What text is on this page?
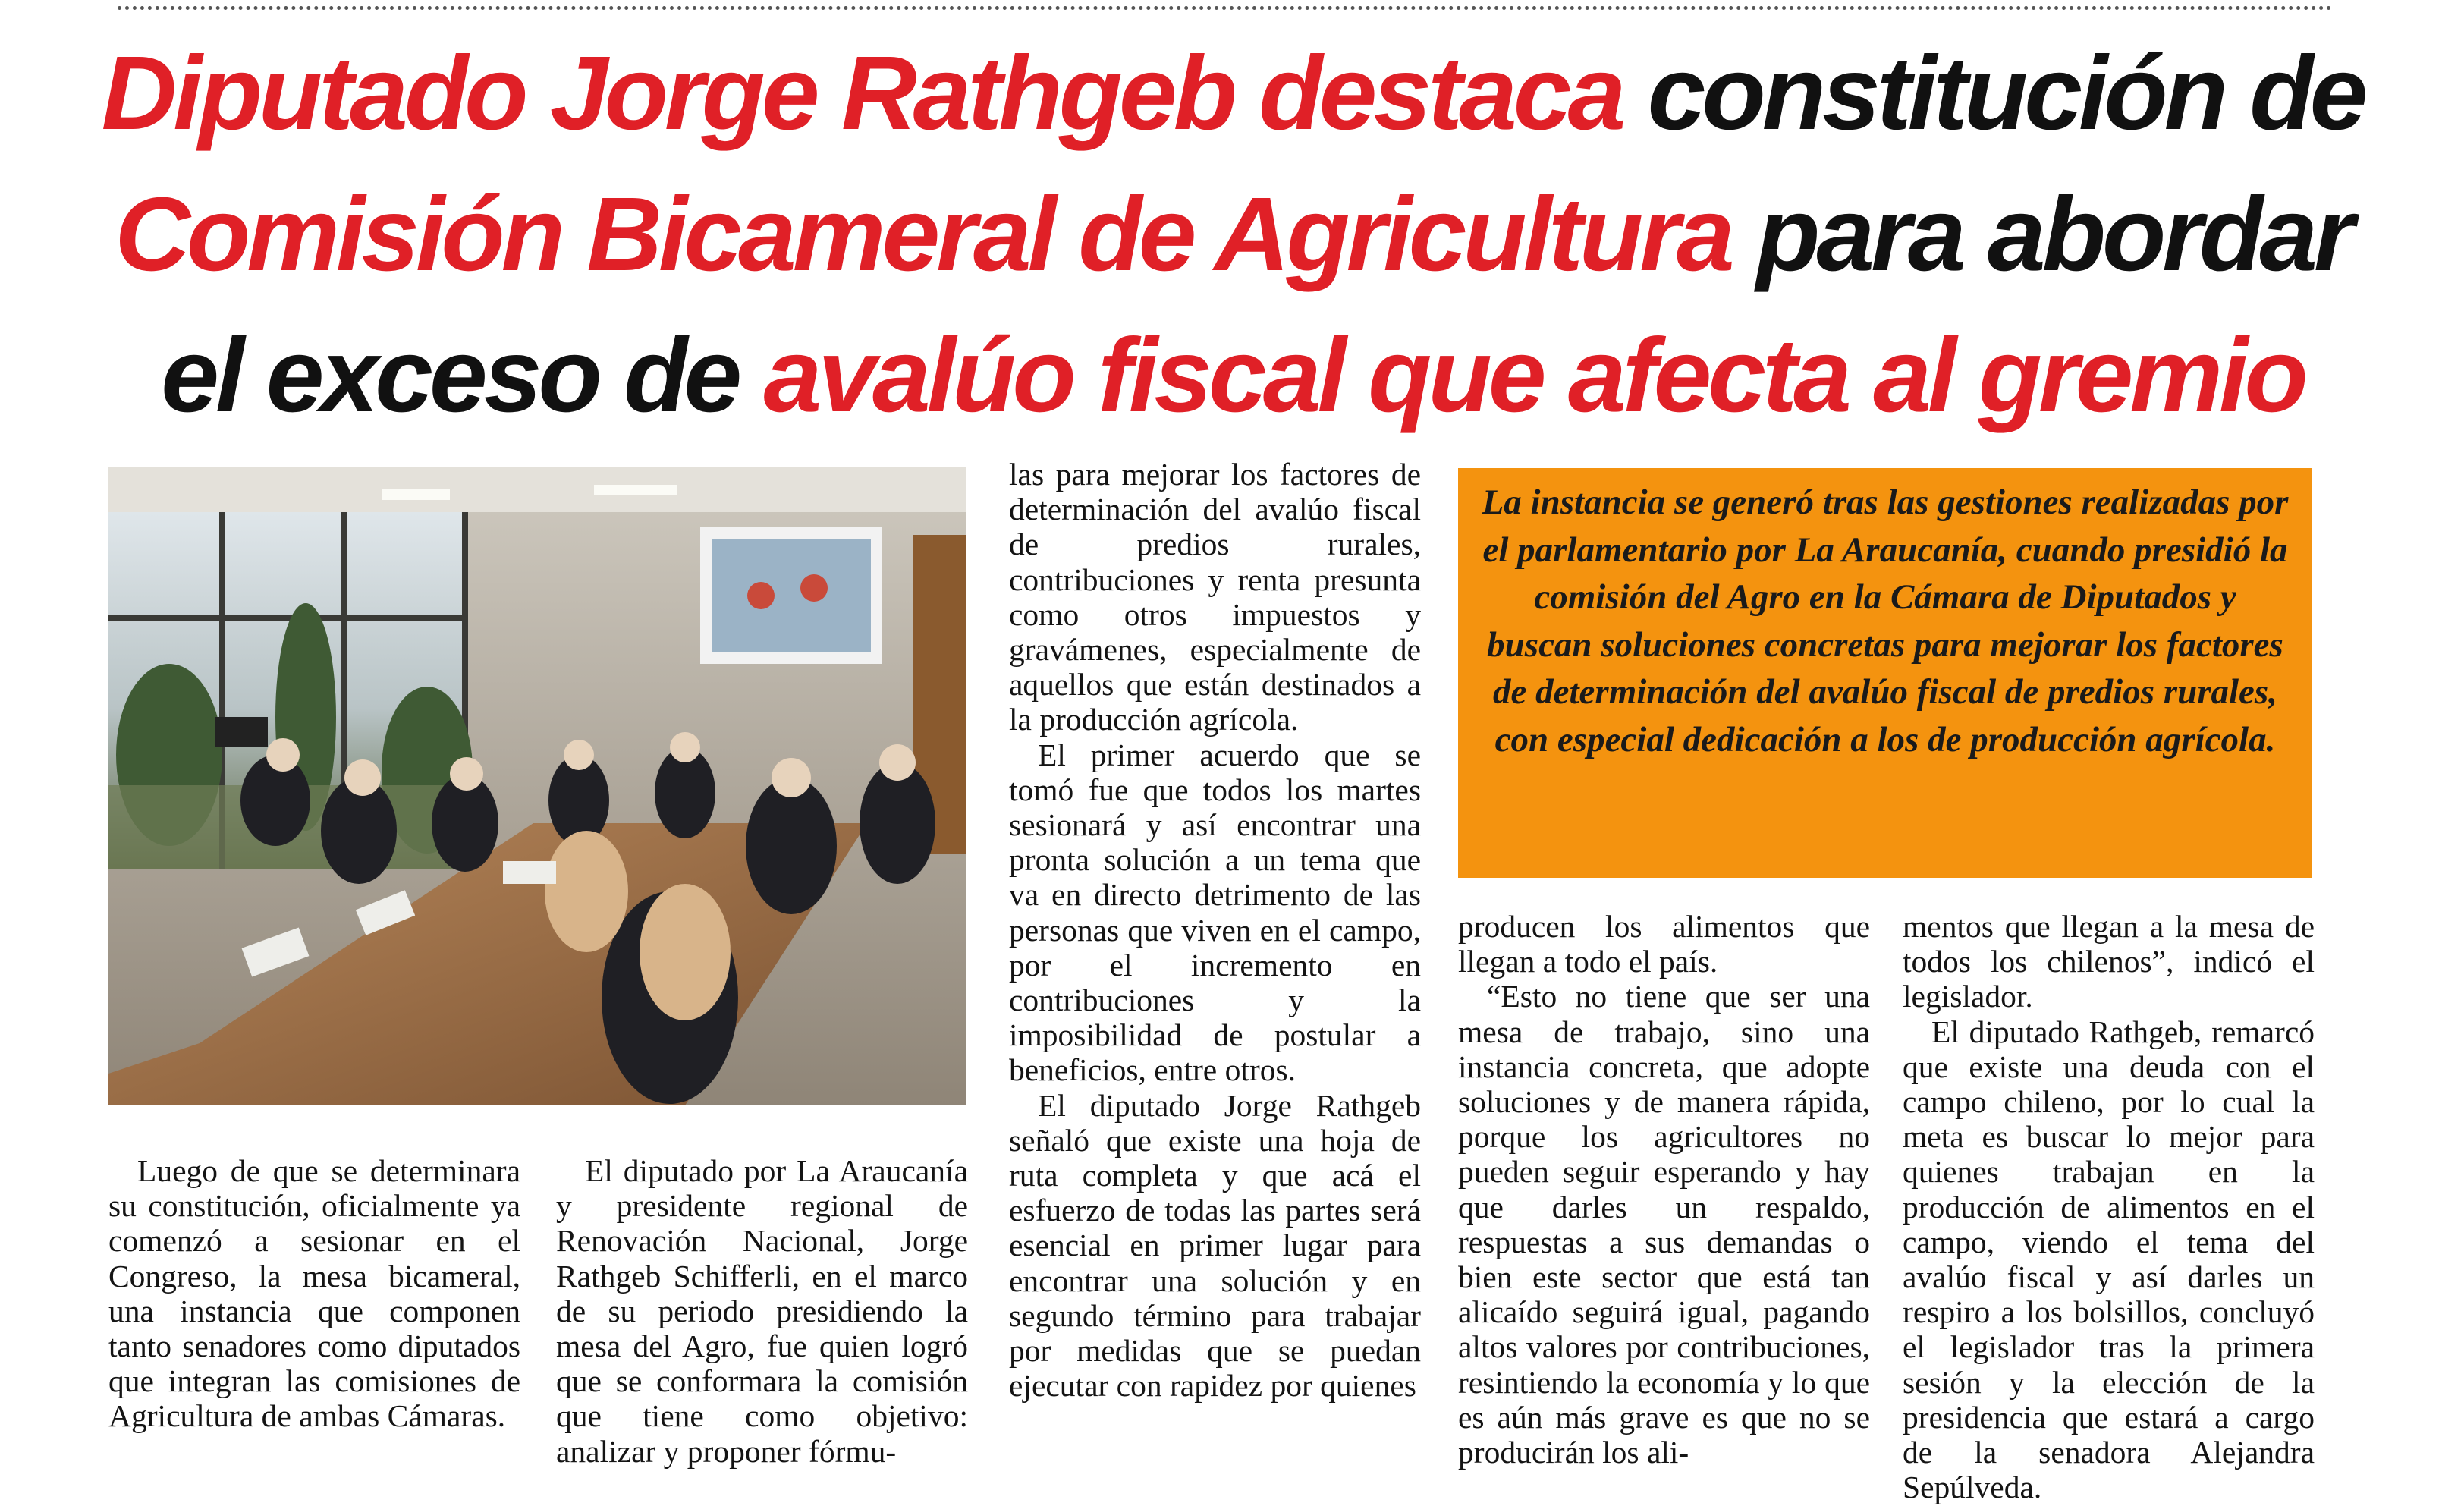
Diputado Jorge Rathgeb destaca constitución de
Comisión Bicameral de Agricultura para abordar
el exceso de avalúo fiscal que afecta al gremio
La instancia se generó tras las gestiones realizadas por el parlamentario por La Araucanía, cuando presidió la comisión del Agro en la Cámara de Diputados y buscan soluciones concretas para mejorar los factores de determinación del avalúo fiscal de predios rurales, con especial dedicación a los de producción agrícola.

Luego de que se determinara su constitución, oficialmente ya comenzó a sesionar en el Congreso, la mesa bicameral, una instancia que componen tanto senadores como diputados que integran las comisiones de Agricultura de ambas Cámaras.

El diputado por La Araucanía y presidente regional de Renovación Nacional, Jorge Rathgeb Schifferli, en el marco de su periodo presidiendo la mesa del Agro, fue quien logró que se conformara la comisión que tiene como objetivo: analizar y proponer fórmu-

las para mejorar los factores de determinación del avalúo fiscal de predios rurales, contribuciones y renta presunta como otros impuestos y gravámenes, especialmente de aquellos que están destinados a la producción agrícola.

El primer acuerdo que se tomó fue que todos los martes sesionará y así encontrar una pronta solución a un tema que va en directo detrimento de las personas que viven en el campo, por el incremento en contribuciones y la imposibilidad de postular a beneficios, entre otros.

El diputado Jorge Rathgeb señaló que existe una hoja de ruta completa y que acá el esfuerzo de todas las partes será esencial en primer lugar para encontrar una solución y en segundo término para trabajar por medidas que se puedan ejecutar con rapidez por quienes

producen los alimentos que llegan a todo el país.

“Esto no tiene que ser una mesa de trabajo, sino una instancia concreta, que adopte soluciones y de manera rápida, porque los agricultores no pueden seguir esperando y hay que darles un respaldo, respuestas a sus demandas o bien este sector que está tan alicaído seguirá igual, pagando altos valores por contribuciones, resintiendo la economía y lo que es aún más grave es que no se producirán los ali-

mentos que llegan a la mesa de todos los chilenos”, indicó el legislador.

El diputado Rathgeb, remarcó que existe una deuda con el campo chileno, por lo cual la meta es buscar lo mejor para quienes trabajan en la producción de alimentos en el campo, viendo el tema del avalúo fiscal y así darles un respiro a los bolsillos, concluyó el legislador tras la primera sesión y la elección de la presidencia que estará a cargo de la senadora Alejandra Sepúlveda.
